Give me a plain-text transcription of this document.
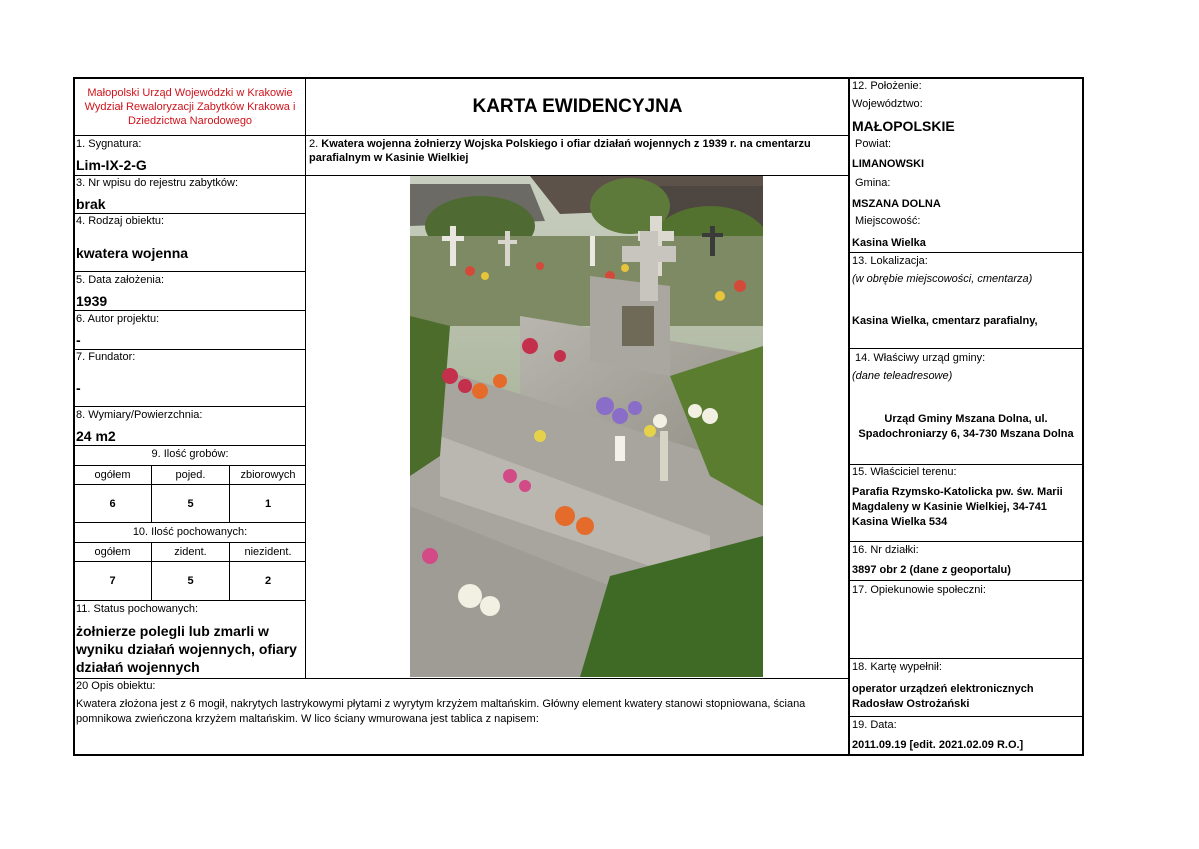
Małopolski Urząd Wojewódzki w Krakowie
Wydział Rewaloryzacji Zabytków Krakowa i
Dziedzictwa Narodowego
KARTA EWIDENCYJNA
1. Sygnatura:
Lim-IX-2-G
3. Nr wpisu do rejestru zabytków:
brak
4. Rodzaj obiektu:
kwatera wojenna
5. Data założenia:
1939
6. Autor projektu:
-
7. Fundator:
-
8. Wymiary/Powierzchnia:
24 m2
9. Ilość grobów:
ogółem	pojed.	zbiorowych
6	5	1
10. Ilość pochowanych:
ogółem	zident.	niezident.
7	5	2
11. Status pochowanych:
żołnierze polegli lub zmarli w
wyniku działań wojennych, ofiary
działań wojennych
2. Kwatera wojenna żołnierzy Wojska Polskiego i ofiar działań wojennych z 1939 r. na cmentarzu
parafialnym w Kasinie Wielkiej
12. Położenie:
Województwo:
MAŁOPOLSKIE
Powiat:
LIMANOWSKI
Gmina:
MSZANA DOLNA
Miejscowość:
Kasina Wielka
13. Lokalizacja:
(w obrębie miejscowości, cmentarza)
Kasina Wielka, cmentarz parafialny,
14. Właściwy urząd gminy:
(dane teleadresowe)
Urząd Gminy Mszana Dolna, ul.
Spadochroniarzy 6, 34-730 Mszana Dolna
15. Właściciel terenu:
Parafia Rzymsko-Katolicka pw. św. Marii
Magdaleny w Kasinie Wielkiej, 34-741
Kasina Wielka 534
16. Nr działki:
3897 obr 2 (dane z geoportalu)
17. Opiekunowie społeczni:
18. Kartę wypełnił:
operator urządzeń elektronicznych
Radosław Ostrożański
19. Data:
2011.09.19 [edit. 2021.02.09 R.O.]
20 Opis obiektu:
Kwatera złożona jest z 6 mogił, nakrytych lastrykowymi płytami z wyrytym krzyżem maltańskim. Główny element kwatery stanowi stopniowana, ściana
pomnikowa zwieńczona krzyżem maltańskim. W lico ściany wmurowana jest tablica z napisem:
